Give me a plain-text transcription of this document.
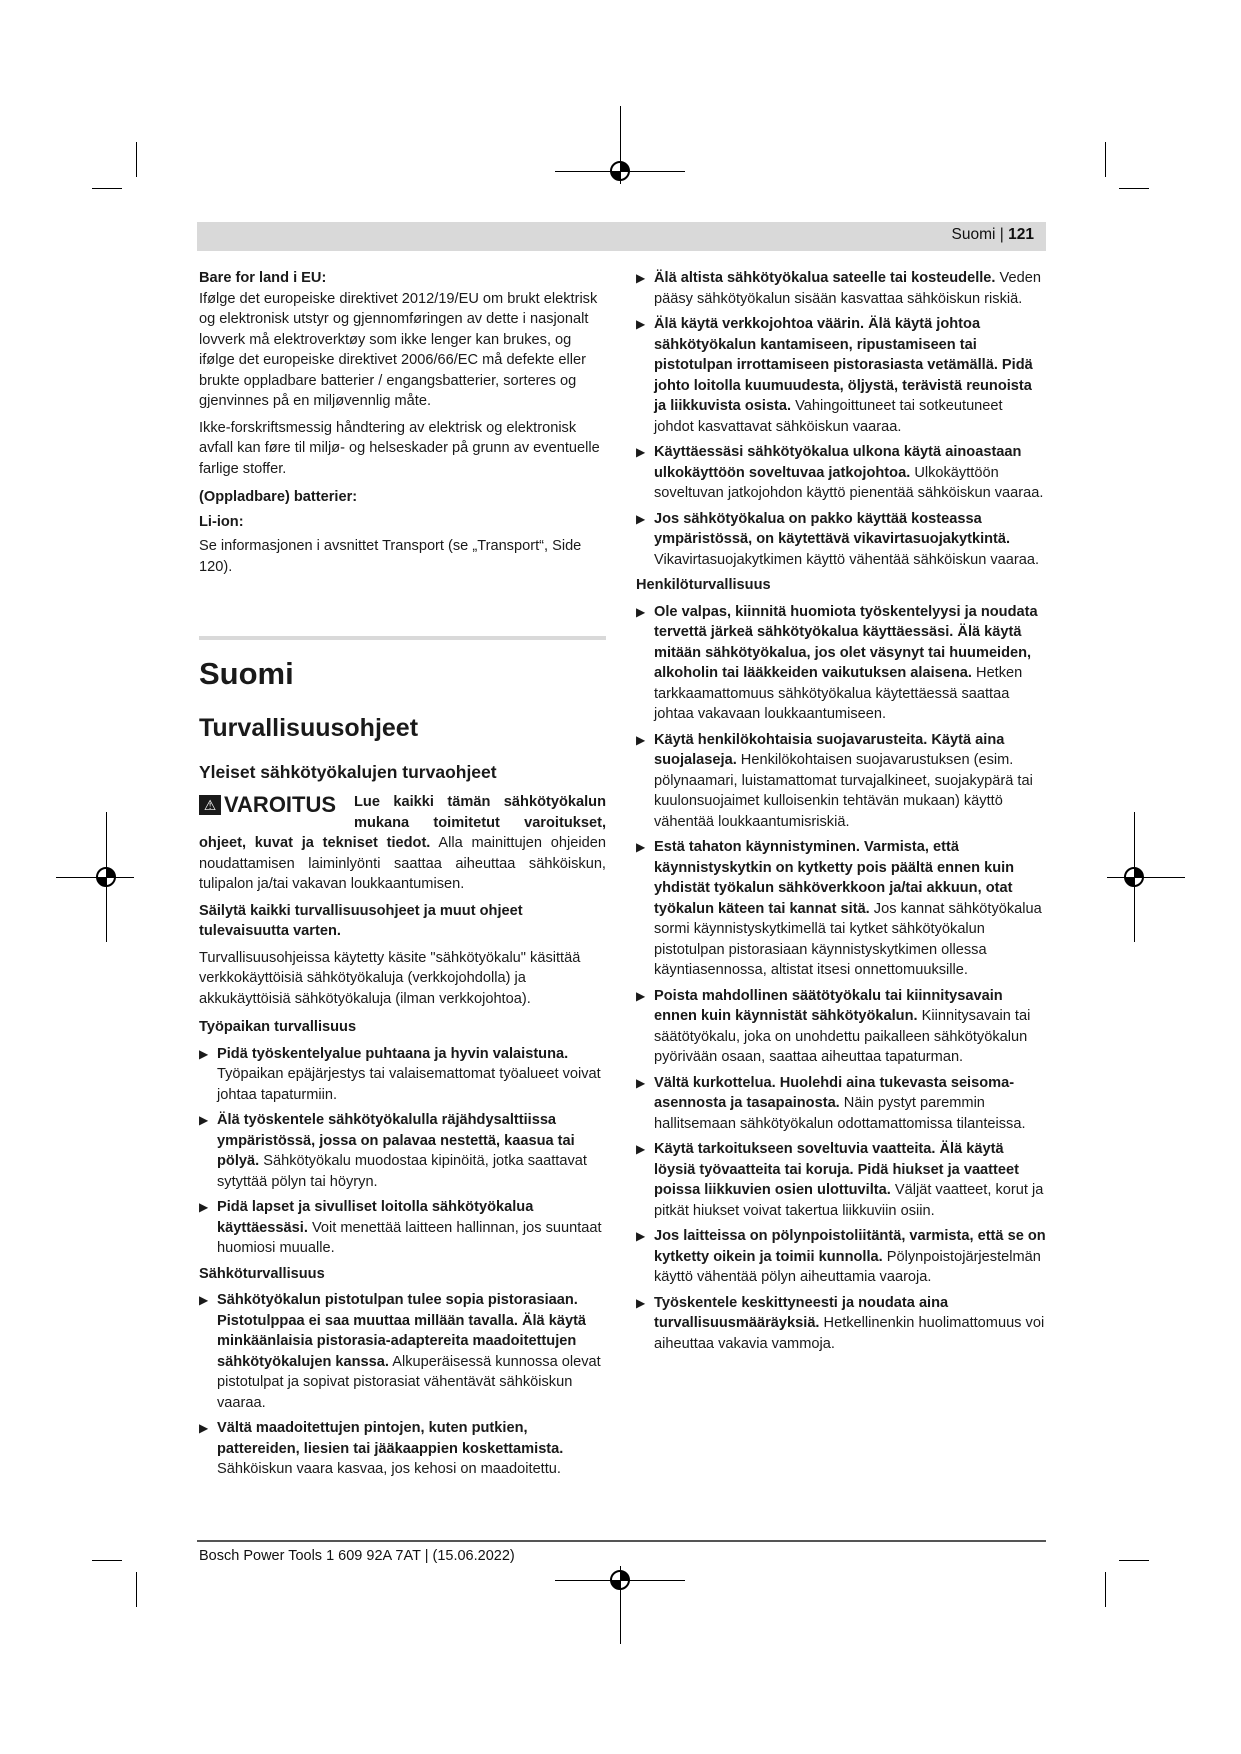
Suomi | 121

Bare for land i EU:

Ifølge det europeiske direktivet 2012/19/EU om brukt elektrisk og elektronisk utstyr og gjennomføringen av dette i nasjonalt lovverk må elektroverktøy som ikke lenger kan brukes, og ifølge det europeiske direktivet 2006/66/EC må defekte eller brukte oppladbare batterier / engangsbatterier, sorteres og gjenvinnes på en miljøvennlig måte.

Ikke-forskriftsmessig håndtering av elektrisk og elektronisk avfall kan føre til miljø- og helseskader på grunn av eventuelle farlige stoffer.

(Oppladbare) batterier:

Li-ion:

Se informasjonen i avsnittet Transport (se „Transport“, Side 120).

Suomi

Turvallisuusohjeet

Yleiset sähkötyökalujen turvaohjeet

⚠ VAROITUS	Lue kaikki tämän sähkötyökalun mukana toimitetut varoitukset, ohjeet, kuvat ja tekniset tiedot. Alla mainittujen ohjeiden noudattamisen laiminlyönti saattaa aiheuttaa sähköiskun, tulipalon ja/tai vakavan loukkaantumisen.

Säilytä kaikki turvallisuusohjeet ja muut ohjeet tulevaisuutta varten.

Turvallisuusohjeissa käytetty käsite "sähkötyökalu" käsittää verkkokäyttöisiä sähkötyökaluja (verkkojohdolla) ja akkukäyttöisiä sähkötyökaluja (ilman verkkojohtoa).

Työpaikan turvallisuus

▶ Pidä työskentelyalue puhtaana ja hyvin valaistuna. Työpaikan epäjärjestys tai valaisemattomat työalueet voivat johtaa tapaturmiin.
▶ Älä työskentele sähkötyökalulla räjähdysalttiissa ympäristössä, jossa on palavaa nestettä, kaasua tai pölyä. Sähkötyökalu muodostaa kipinöitä, jotka saattavat sytyttää pölyn tai höyryn.
▶ Pidä lapset ja sivulliset loitolla sähkötyökalua käyttäessäsi. Voit menettää laitteen hallinnan, jos suuntaat huomiosi muualle.

Sähköturvallisuus

▶ Sähkötyökalun pistotulpan tulee sopia pistorasiaan. Pistotulppaa ei saa muuttaa millään tavalla. Älä käytä minkäänlaisia pistorasia-adaptereita maadoitettujen sähkötyökalujen kanssa. Alkuperäisessä kunnossa olevat pistotulpat ja sopivat pistorasiat vähentävät sähköiskun vaaraa.
▶ Vältä maadoitettujen pintojen, kuten putkien, pattereiden, liesien tai jääkaappien koskettamista. Sähköiskun vaara kasvaa, jos kehosi on maadoitettu.
▶ Älä altista sähkötyökalua sateelle tai kosteudelle. Veden pääsy sähkötyökalun sisään kasvattaa sähköiskun riskiä.
▶ Älä käytä verkkojohtoa väärin. Älä käytä johtoa sähkötyökalun kantamiseen, ripustamiseen tai pistotulpan irrottamiseen pistorasiasta vetämällä. Pidä johto loitolla kuumuudesta, öljystä, terävistä reunoista ja liikkuvista osista. Vahingoittuneet tai sotkeutuneet johdot kasvattavat sähköiskun vaaraa.
▶ Käyttäessäsi sähkötyökalua ulkona käytä ainoastaan ulkokäyttöön soveltuvaa jatkojohtoa. Ulkokäyttöön soveltuvan jatkojohdon käyttö pienentää sähköiskun vaaraa.
▶ Jos sähkötyökalua on pakko käyttää kosteassa ympäristössä, on käytettävä vikavirtasuojakytkintä. Vikavirtasuojakytkimen käyttö vähentää sähköiskun vaaraa.

Henkilöturvallisuus

▶ Ole valpas, kiinnitä huomiota työskentelyysi ja noudata tervettä järkeä sähkötyökalua käyttäessäsi. Älä käytä mitään sähkötyökalua, jos olet väsynyt tai huumeiden, alkoholin tai lääkkeiden vaikutuksen alaisena. Hetken tarkkaamattomuus sähkötyökalua käytettäessä saattaa johtaa vakavaan loukkaantumiseen.
▶ Käytä henkilökohtaisia suojavarusteita. Käytä aina suojalaseja. Henkilökohtaisen suojavarustuksen (esim. pölynaamari, luistamattomat turvajalkineet, suojakypärä tai kuulonsuojaimet kulloisenkin tehtävän mukaan) käyttö vähentää loukkaantumisriskiä.
▶ Estä tahaton käynnistyminen. Varmista, että käynnistyskytkin on kytketty pois päältä ennen kuin yhdistät työkalun sähköverkkoon ja/tai akkuun, otat työkalun käteen tai kannat sitä. Jos kannat sähkötyökalua sormi käynnistyskytkimellä tai kytket sähkötyökalun pistotulpan pistorasiaan käynnistyskytkimen ollessa käyntiasennossa, altistat itsesi onnettomuuksille.
▶ Poista mahdollinen säätötyökalu tai kiinnitysavain ennen kuin käynnistät sähkötyökalun. Kiinnitysavain tai säätötyökalu, joka on unohdettu paikalleen sähkötyökalun pyörivään osaan, saattaa aiheuttaa tapaturman.
▶ Vältä kurkottelua. Huolehdi aina tukevasta seisoma-asennosta ja tasapainosta. Näin pystyt paremmin hallitsemaan sähkötyökalun odottamattomissa tilanteissa.
▶ Käytä tarkoitukseen soveltuvia vaatteita. Älä käytä löysiä työvaatteita tai koruja. Pidä hiukset ja vaatteet poissa liikkuvien osien ulottuvilta. Väljät vaatteet, korut ja pitkät hiukset voivat takertua liikkuviin osiin.
▶ Jos laitteissa on pölynpoistoliitäntä, varmista, että se on kytketty oikein ja toimii kunnolla. Pölynpoistojärjestelmän käyttö vähentää pölyn aiheuttamia vaaroja.
▶ Työskentele keskittyneesti ja noudata aina turvallisuusmääräyksiä. Hetkellinenkin huolimattomuus voi aiheuttaa vakavia vammoja.
Bosch Power Tools 1 609 92A 7AT | (15.06.2022)
